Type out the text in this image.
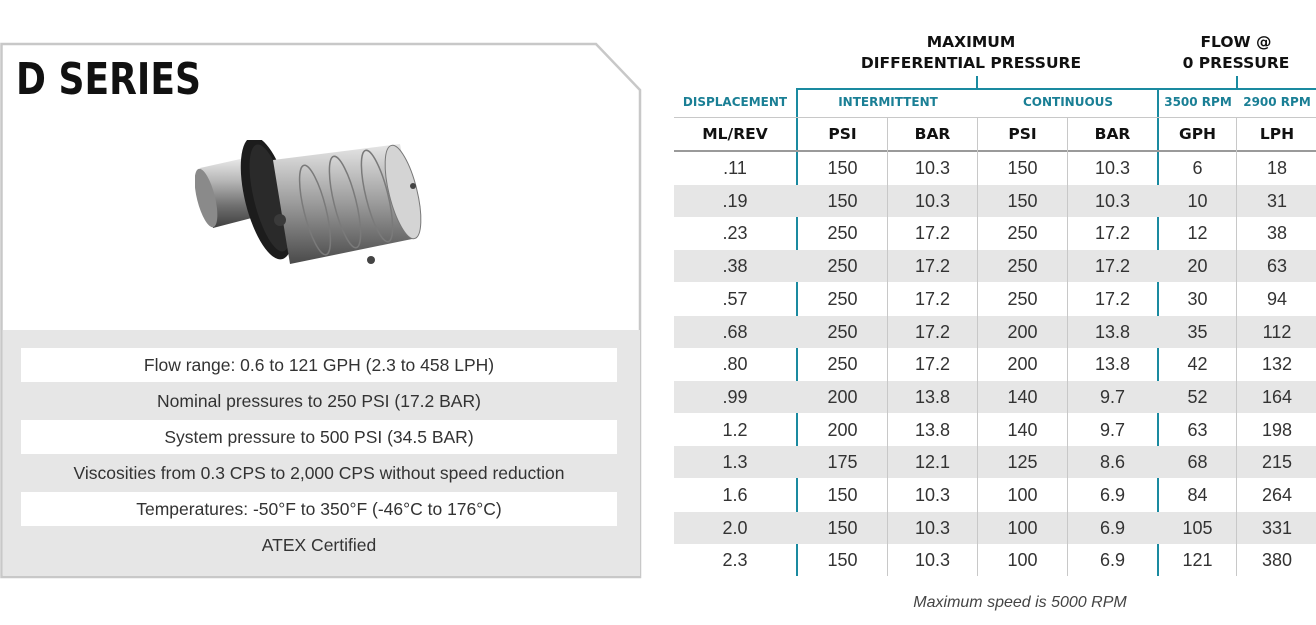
D SERIES
Flow range: 0.6 to 121 GPH (2.3 to 458 LPH)
Nominal pressures to 250 PSI (17.2 BAR)
System pressure to 500 PSI (34.5 BAR)
Viscosities from 0.3 CPS to 2,000 CPS without speed reduction
Temperatures: -50°F to 350°F (-46°C to 176°C)
ATEX Certified
MAXIMUM
DIFFERENTIAL PRESSURE
FLOW @
0 PRESSURE
DISPLACEMENT	INTERMITTENT	CONTINUOUS	3500 RPM 2900 RPM
ML/REV	PSI	BAR	PSI	BAR	GPH	LPH
.11	150	10.3	150	10.3	6	18
.19	150	10.3	150	10.3	10	31
.23	250	17.2	250	17.2	12	38
.38	250	17.2	250	17.2	20	63
.57	250	17.2	250	17.2	30	94
.68	250	17.2	200	13.8	35	112
.80	250	17.2	200	13.8	42	132
.99	200	13.8	140	9.7	52	164
1.2	200	13.8	140	9.7	63	198
1.3	175	12.1	125	8.6	68	215
1.6	150	10.3	100	6.9	84	264
2.0	150	10.3	100	6.9	105	331
2.3	150	10.3	100	6.9	121	380
Maximum speed is 5000 RPM
